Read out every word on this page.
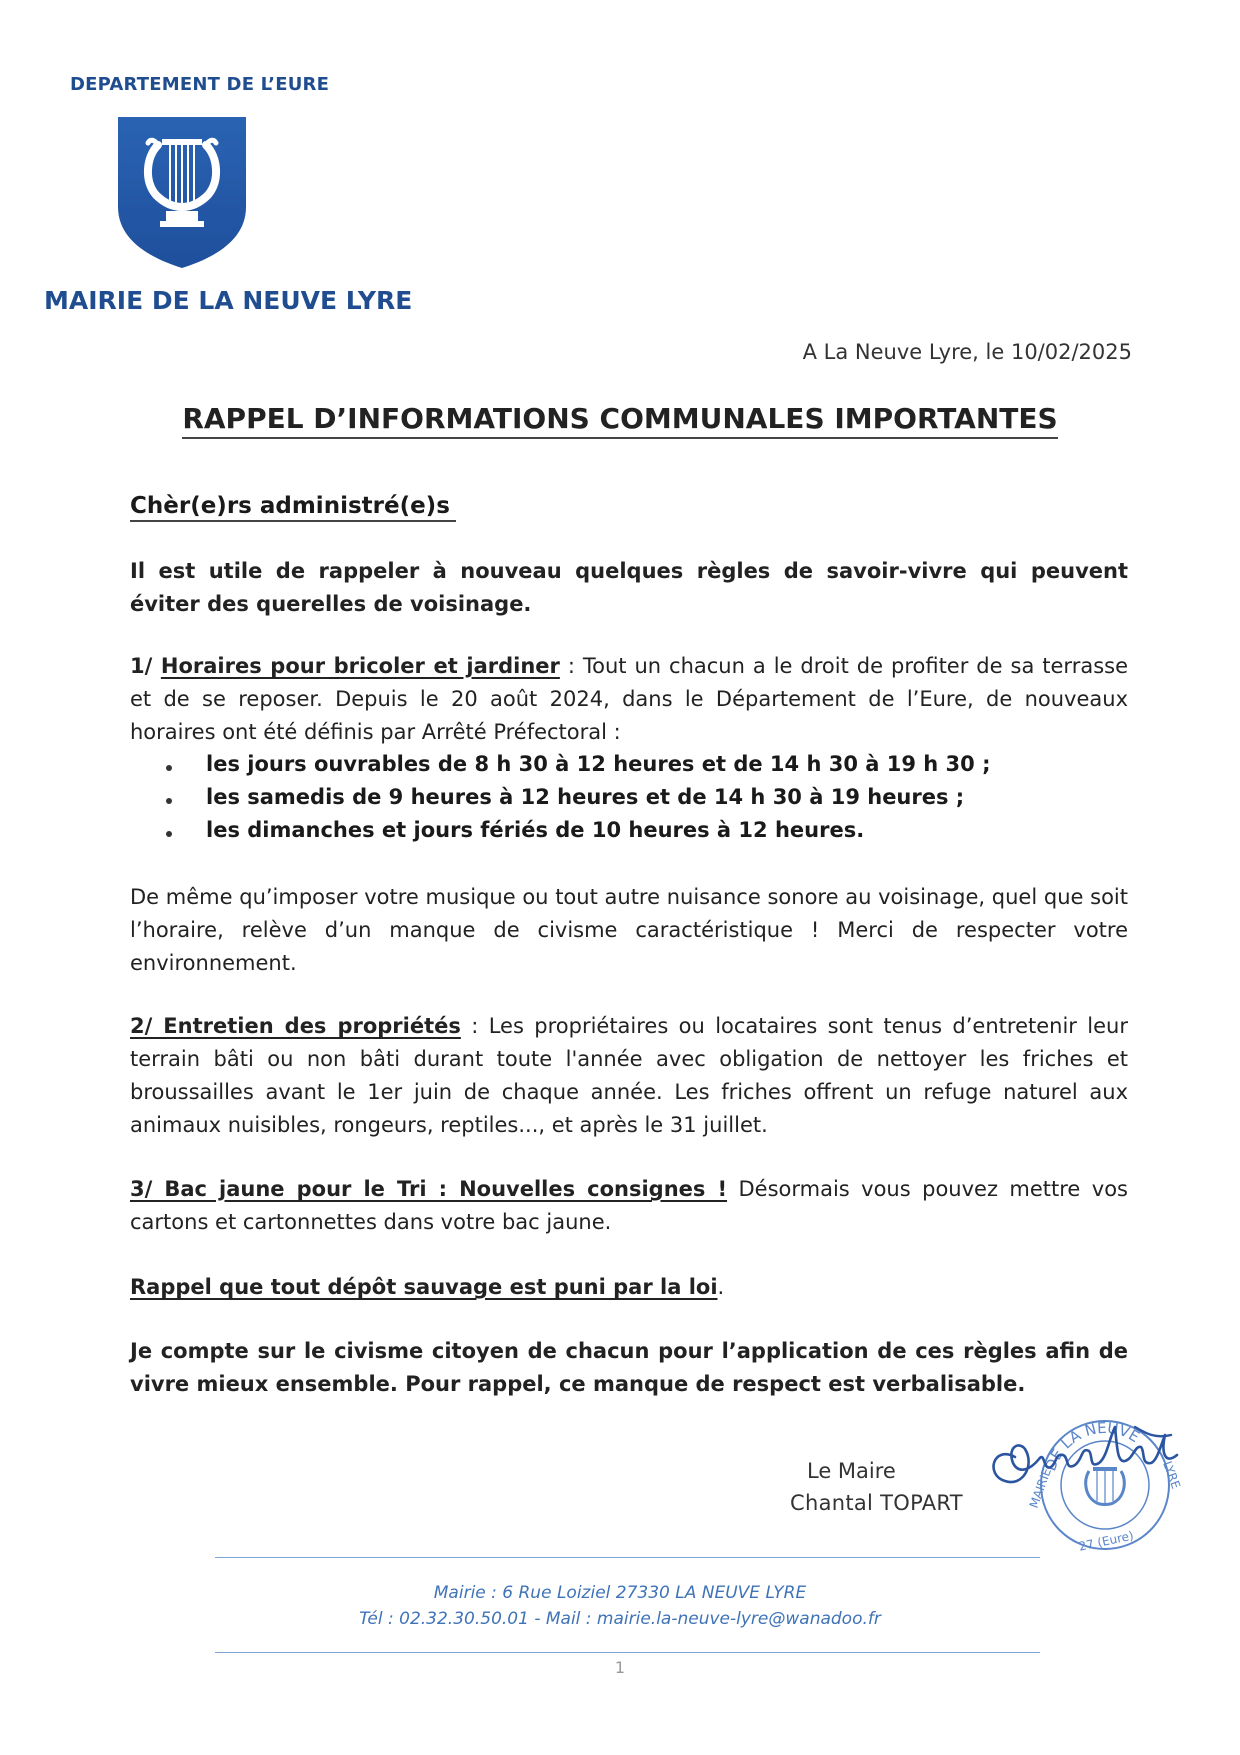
DEPARTEMENT DE L’EURE
MAIRIE DE LA NEUVE LYRE
A La Neuve Lyre, le 10/02/2025
RAPPEL D’INFORMATIONS COMMUNALES IMPORTANTES
Chèr(e)rs administré(e)s
Il est utile de rappeler à nouveau quelques règles de savoir-vivre qui peuvent éviter des querelles de voisinage.
1/ Horaires pour bricoler et jardiner : Tout un chacun a le droit de profiter de sa terrasse et de se reposer. Depuis le 20 août 2024, dans le Département de l’Eure, de nouveaux horaires ont été définis par Arrêté Préfectoral :
les jours ouvrables de 8 h 30 à 12 heures et de 14 h 30 à 19 h 30 ;
les samedis de 9 heures à 12 heures et de 14 h 30 à 19 heures ;
les dimanches et jours fériés de 10 heures à 12 heures.
De même qu’imposer votre musique ou tout autre nuisance sonore au voisinage, quel que soit l’horaire, relève d’un manque de civisme caractéristique ! Merci de respecter votre environnement.
2/ Entretien des propriétés : Les propriétaires ou locataires sont tenus d’entretenir leur terrain bâti ou non bâti durant toute l'année avec obligation de nettoyer les friches et broussailles avant le 1er juin de chaque année. Les friches offrent un refuge naturel aux animaux nuisibles, rongeurs, reptiles..., et après le 31 juillet.
3/ Bac jaune pour le Tri : Nouvelles consignes ! Désormais vous pouvez mettre vos cartons et cartonnettes dans votre bac jaune.
Rappel que tout dépôt sauvage est puni par la loi.
Je compte sur le civisme citoyen de chacun pour l’application de ces règles afin de vivre mieux ensemble. Pour rappel, ce manque de respect est verbalisable.
Le Maire
Chantal TOPART
DE LA NEUVE
MAIRIE	LYRE
27 (Eure)
Mairie : 6 Rue Loiziel 27330 LA NEUVE LYRE
Tél : 02.32.30.50.01 - Mail : mairie.la-neuve-lyre@wanadoo.fr
1
